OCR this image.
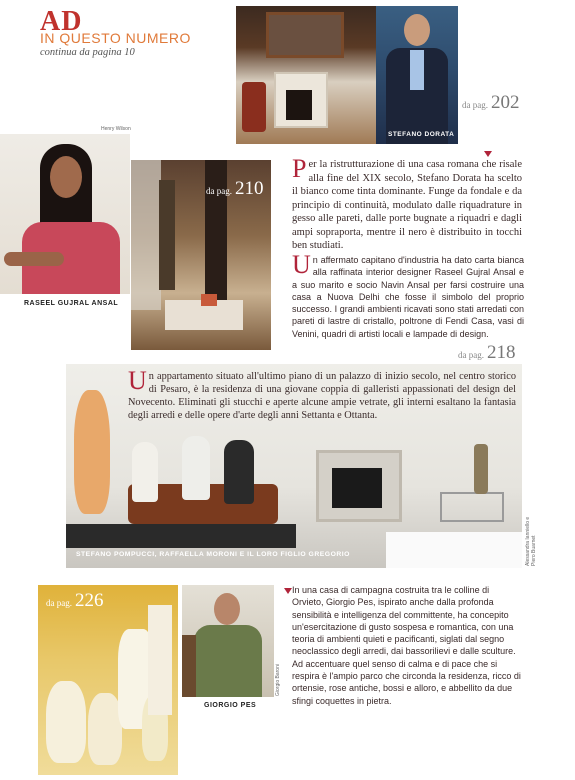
AD
IN QUESTO NUMERO
continua da pagina 10
STEFANO DORATA
da pag. 202

Per la ristrutturazione di una casa romana che risale alla fine del XIX secolo, Stefano Dorata ha scelto il bianco come tinta dominante. Funge da fondale e da principio di continuità, modulato dalle riquadrature in gesso alle pareti, dalle porte bugnate a riquadri e dagli ampi sopraporta, mentre il nero è distribuito in tocchi ben studiati.

Henry Wilson
RASEEL GUJRAL ANSAL
da pag. 210

Un affermato capitano d'industria ha dato carta bianca alla raffinata interior designer Raseel Gujral Ansal e a suo marito e socio Navin Ansal per farsi costruire una casa a Nuova Delhi che fosse il simbolo del proprio successo. I grandi ambienti ricavati sono stati arredati con pareti di lastre di cristallo, poltrone di Fendi Casa, vasi di Venini, quadri di artisti locali e lampade di design.

da pag. 218

Un appartamento situato all'ultimo piano di un palazzo di inizio secolo, nel centro storico di Pesaro, è la residenza di una giovane coppia di galleristi appassionati del design del Novecento. Eliminati gli stucchi e aperte alcune ampie vetrate, gli interni esaltano la fantasia degli arredi e delle opere d'arte degli anni Settanta e Ottanta.

STEFANO POMPUCCI, RAFFAELLA MORONI E IL LORO FIGLIO GREGORIO	Alessandra Ianniello e Piero Buarnet
da pag. 226
Giorgio Baroni
GIORGIO PES

In una casa di campagna costruita tra le colline di Orvieto, Giorgio Pes, ispirato anche dalla profonda sensibilità e intelligenza del committente, ha concepito un'esercitazione di gusto sospesa e romantica, con una teoria di ambienti quieti e pacificanti, siglati dal segno neoclassico degli arredi, dai bassorilievi e dalle sculture. Ad accentuare quel senso di calma e di pace che si respira è l'ampio parco che circonda la residenza, ricco di ortensie, rose antiche, bossi e alloro, e abbellito da due sfingi coquettes in pietra.
